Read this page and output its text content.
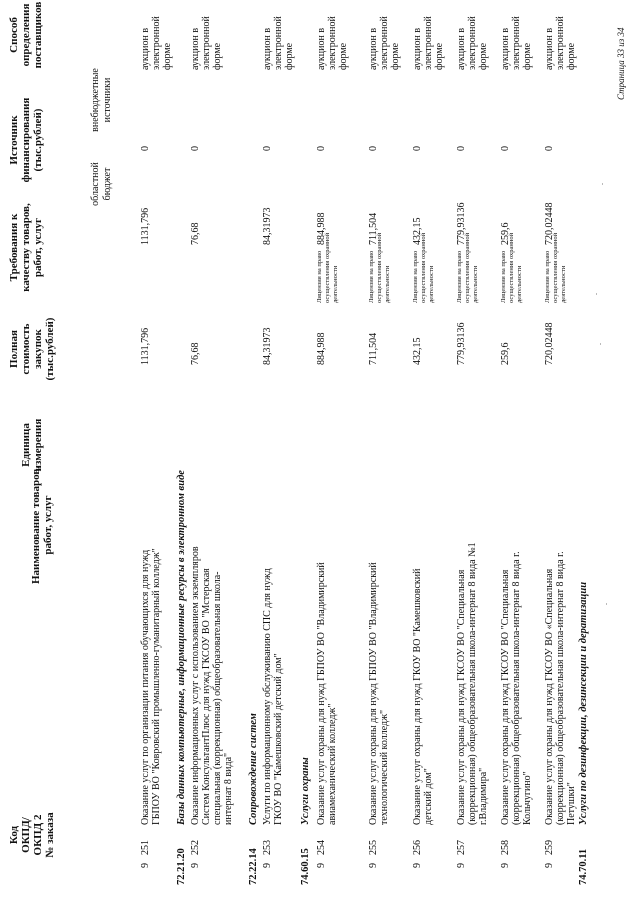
Код
ОКПД/
ОКПД 2
№ заказа
Наименование товаров,
работ, услуг
Единица
измерения
Полная
стоимость
закупок
(тыс.рублей)
Требования к
качеству товаров,
работ, услуг
Источник
финансирования
(тыс.рублей)
областной
бюджет
внебюджетные
источники
Способ
определения
поставщиков
9
251
Оказание услуг по организации питания обучающихся для нужд
ГБПОУ ВО "Ковровский промышленно-гуманитарный колледж"
1131,796
1131,796
0
аукцион в
электронной
форме
72.21.20
Базы данных компьютерные, информационные ресурсы в электронном виде
9
252
Оказание информационных услуг с использованием экземпляров
Систем КонсультантПлюс для нужд ГКСОУ ВО "Мстерская
специальная (коррекционная) общеобразовательная школа-
интернат 8 вида"
76,68
76,68
0
аукцион в
электронной
форме
72.22.14
Сопровождение систем
9
253
Услуги по информационному обслуживанию СПС для нужд
ГКОУ ВО "Камешковский детский дом"
84,31973
84,31973
0
аукцион в
электронной
форме
74.60.15
Услуги охраны
9
254
Оказание услуг охраны для нужд ГБПОУ ВО "Владимирский
авиамеханический колледж"
884,988
Лицензия на право
осуществления охранной
деятельности
884,988
0
аукцион в
электронной
форме
9
255
Оказание услуг охраны для нужд ГБПОУ ВО "Владимирский
технологический колледж"
711,504
Лицензия на право
осуществления охранной
деятельности
711,504
0
аукцион в
электронной
форме
9
256
Оказание услуг охраны для нужд ГКОУ ВО "Камешковский
детский дом"
432,15
Лицензия на право
осуществления охранной
деятельности
432,15
0
аукцион в
электронной
форме
9
257
Оказание услуг охраны для нужд ГКСОУ ВО "Специальная
(коррекционная) общеобразовательная школа-интернат 8 вида №1
г.Владимира"
779,93136
Лицензия на право
осуществления охранной
деятельности
779,93136
0
аукцион в
электронной
форме
9
258
Оказание услуг охраны для нужд ГКСОУ ВО "Специальная
(коррекционная) общеобразовательная школа-интернат 8 вида г.
Кольчугино"
259,6
Лицензия на право
осуществления охранной
деятельности
259,6
0
аукцион в
электронной
форме
9
259
Оказание услуг охраны для нужд ГКСОУ ВО «Специальная
(коррекционная) общеобразовательная школа-интернат 8 вида г.
Петушки"
720,02448
Лицензия на право
осуществления охранной
деятельности
720,02448
0
аукцион в
электронной
форме
74.70.11
Услуги по дезинфекции, дезинсекции и дератизации
Страница 33 из 34
